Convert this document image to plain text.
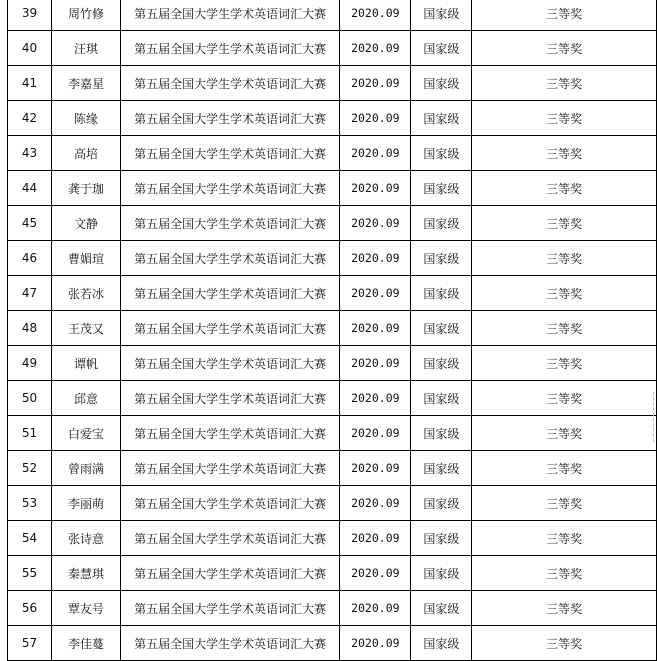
39	周竹修	第五届全国大学生学术英语词汇大赛	2020.09	国家级	三等奖
40	汪琪	第五届全国大学生学术英语词汇大赛	2020.09	国家级	三等奖
41	李嘉星	第五届全国大学生学术英语词汇大赛	2020.09	国家级	三等奖
42	陈缘	第五届全国大学生学术英语词汇大赛	2020.09	国家级	三等奖
43	高培	第五届全国大学生学术英语词汇大赛	2020.09	国家级	三等奖
44	龚于珈	第五届全国大学生学术英语词汇大赛	2020.09	国家级	三等奖
45	文静	第五届全国大学生学术英语词汇大赛	2020.09	国家级	三等奖
46	曹媚瑄	第五届全国大学生学术英语词汇大赛	2020.09	国家级	三等奖
47	张若冰	第五届全国大学生学术英语词汇大赛	2020.09	国家级	三等奖
48	王茂又	第五届全国大学生学术英语词汇大赛	2020.09	国家级	三等奖
49	谭帆	第五届全国大学生学术英语词汇大赛	2020.09	国家级	三等奖
50	邱意	第五届全国大学生学术英语词汇大赛	2020.09	国家级	三等奖
51	白爱宝	第五届全国大学生学术英语词汇大赛	2020.09	国家级	三等奖
52	曾雨满	第五届全国大学生学术英语词汇大赛	2020.09	国家级	三等奖
53	李丽萌	第五届全国大学生学术英语词汇大赛	2020.09	国家级	三等奖
54	张诗意	第五届全国大学生学术英语词汇大赛	2020.09	国家级	三等奖
55	秦慧琪	第五届全国大学生学术英语词汇大赛	2020.09	国家级	三等奖
56	覃友号	第五届全国大学生学术英语词汇大赛	2020.09	国家级	三等奖
57	李佳蔓	第五届全国大学生学术英语词汇大赛	2020.09	国家级	三等奖
